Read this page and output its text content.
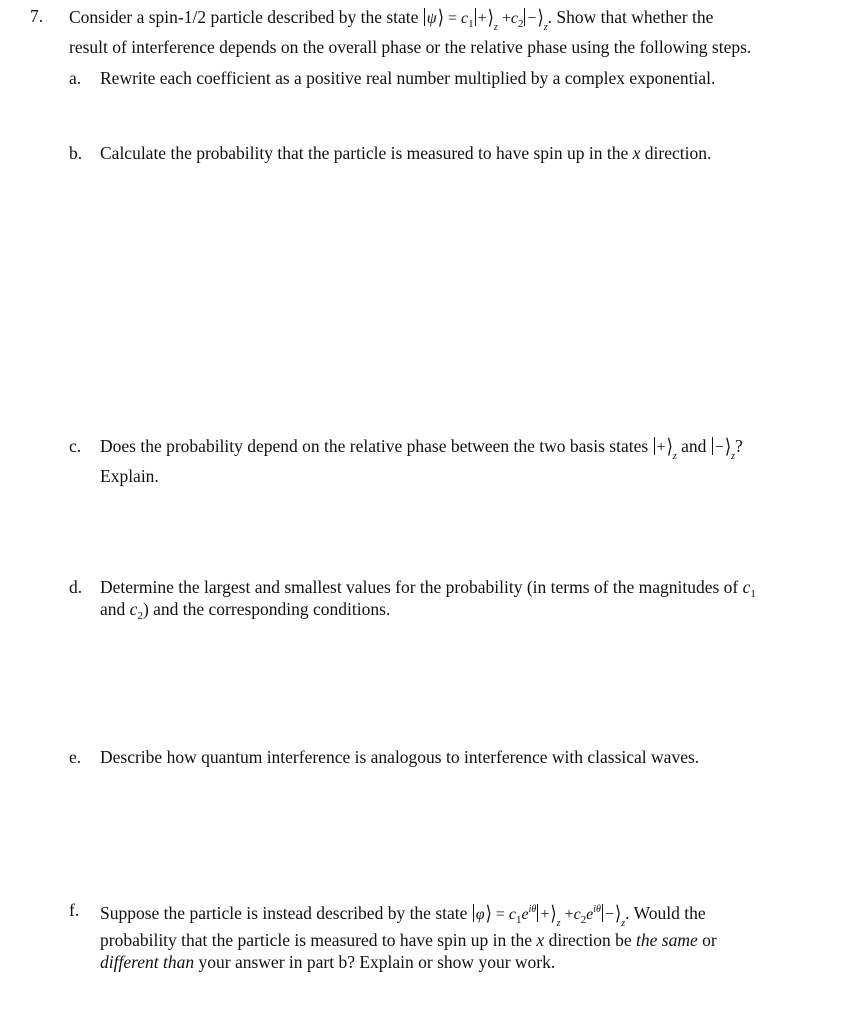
7. Consider a spin-1/2 particle described by the state ψ⟩ = $c_1$ $+⟩_z +c_2$ $-⟩_z$. Show that whether the
result of interference depends on the overall phase or the relative phase using the following steps.
a. Rewrite each coefficient as a positive real number multiplied by a complex exponential.
b. Calculate the probability that the particle is measured to have spin up in the x direction.
c. Does the probability depend on the relative phase between the two basis states $+⟩_z$ and $-⟩_z$?
Explain.
d. Determine the largest and smallest values for the probability (in terms of the magnitudes of $c_1$
and $c_2$) and the corresponding conditions.
e. Describe how quantum interference is analogous to interference with classical waves.
f. Suppose the particle is instead described by the state φ⟩ = $c_1e^{i\theta}$ $+⟩_z +c_2e^{i\theta}$ $-⟩_z$. Would the
probability that the particle is measured to have spin up in the x direction be the same or
different than your answer in part b? Explain or show your work.
